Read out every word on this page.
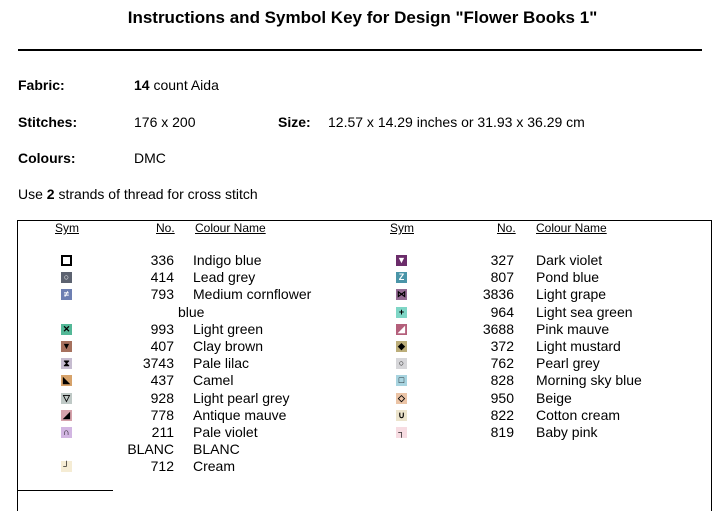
Instructions and Symbol Key for Design "Flower Books 1"
Fabric:	14 count Aida
Stitches:	176 x 200	Size: 12.57 x 14.29 inches or 31.93 x 36.29 cm
Colours:	DMC
Use 2 strands of thread for cross stitch
Sym	No. Colour Name	Sym	No. Colour Name
336 Indigo blue
○	414 Lead grey
≠	793 Medium cornflower
blue
✕	993 Light green
▼	407 Clay brown
⧗	3743 Pale lilac
◣	437 Camel
▽	928 Light pearl grey
◢	778 Antique mauve
∩	211 Pale violet
BLANC BLANC
┘	712 Cream
▼	327 Dark violet
Z	807 Pond blue
⋈	3836 Light grape
+	964 Light sea green
◢	3688 Pink mauve
◆	372 Light mustard
○	762 Pearl grey
□	828 Morning sky blue
◇	950 Beige
∪	822 Cotton cream
┐	819 Baby pink
